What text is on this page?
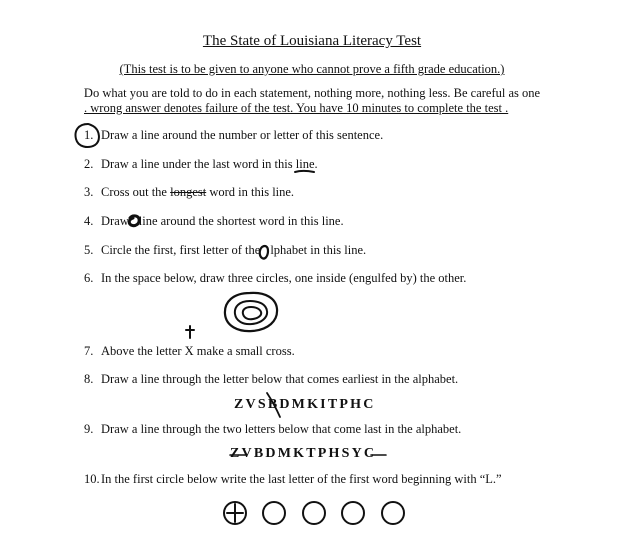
The State of Louisiana Literacy Test
(This test is to be given to anyone who cannot prove a fifth grade education.)
Do what you are told to do in each statement, nothing more, nothing less. Be careful as one
. wrong answer denotes failure of the test. You have 10 minutes to complete the test .
1. Draw a line around the number or letter of this sentence.
2. Draw a line under the last word in this line.
3. Cross out the longest word in this line.
4. Draw line around the shortest word in this line.
5. Circle the first, first letter of the lphabet in this line.
6. In the space below, draw three circles, one inside (engulfed by) the other.
7. Above the letter X make a small cross.
8. Draw a line through the letter below that comes earliest in the alphabet.
ZVSBDMKITPHC
9. Draw a line through the two letters below that come last in the alphabet.
ZVBDMKTPHSYC
10.In the first circle below write the last letter of the first word beginning with “L.”
